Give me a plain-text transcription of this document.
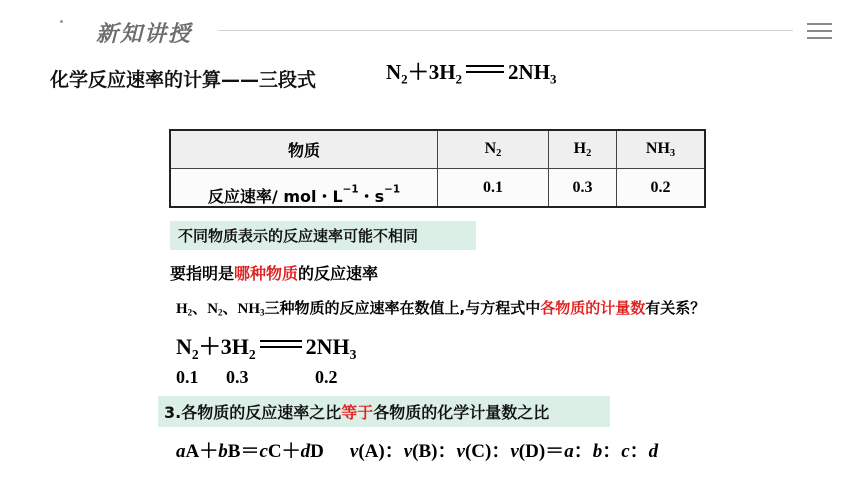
新知讲授
化学反应速率的计算——三段式	$N_2+3H_2$ $2NH_3$
物质	$N_2$	$H_2$	$NH_3$
反应速率/ mol・$L^{-1}$・$s^{-1}$	0.1	0.3	0.2
不同物质表示的反应速率可能不相同
要指明是哪种物质的反应速率
$H_2$、$N_2$、$NH_3$三种物质的反应速率在数值上,与方程式中各物质的计量数有关系？
$N_2+3H_2$ $2NH_3$
0.1 0.3	0.2
3.各物质的反应速率之比等于各物质的化学计量数之比
aA＋bB＝cC＋dD v(A)：v(B)：v(C)：v(D)＝a：b：c：d
